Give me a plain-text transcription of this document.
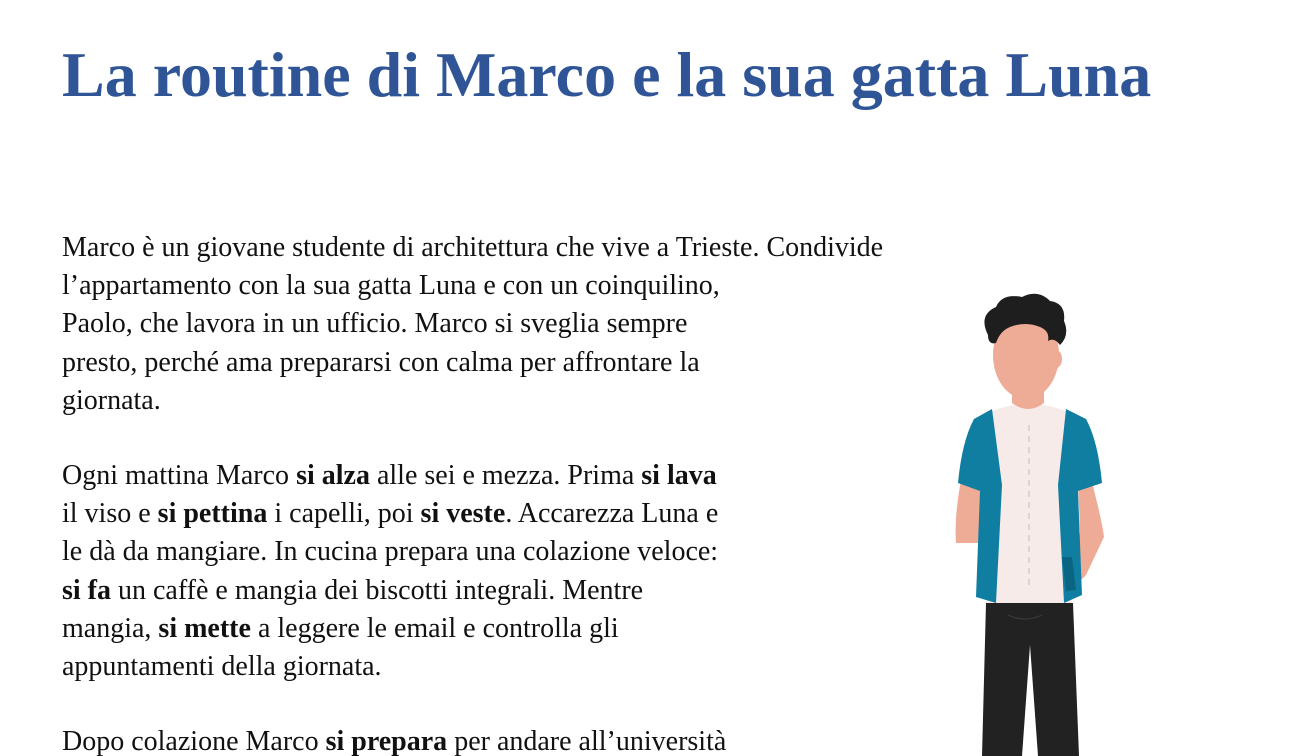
La routine di Marco e la sua gatta Luna

Marco è un giovane studente di architettura che vive a Trieste. Condivide
l’appartamento con la sua gatta Luna e con un coinquilino,
Paolo, che lavora in un ufficio. Marco si sveglia sempre
presto, perché ama prepararsi con calma per affrontare la
giornata.

Ogni mattina Marco si alza alle sei e mezza. Prima si lava
il viso e si pettina i capelli, poi si veste. Accarezza Luna e
le dà da mangiare. In cucina prepara una colazione veloce:
si fa un caffè e mangia dei biscotti integrali. Mentre
mangia, si mette a leggere le email e controlla gli
appuntamenti della giornata.

Dopo colazione Marco si prepara per andare all’università
